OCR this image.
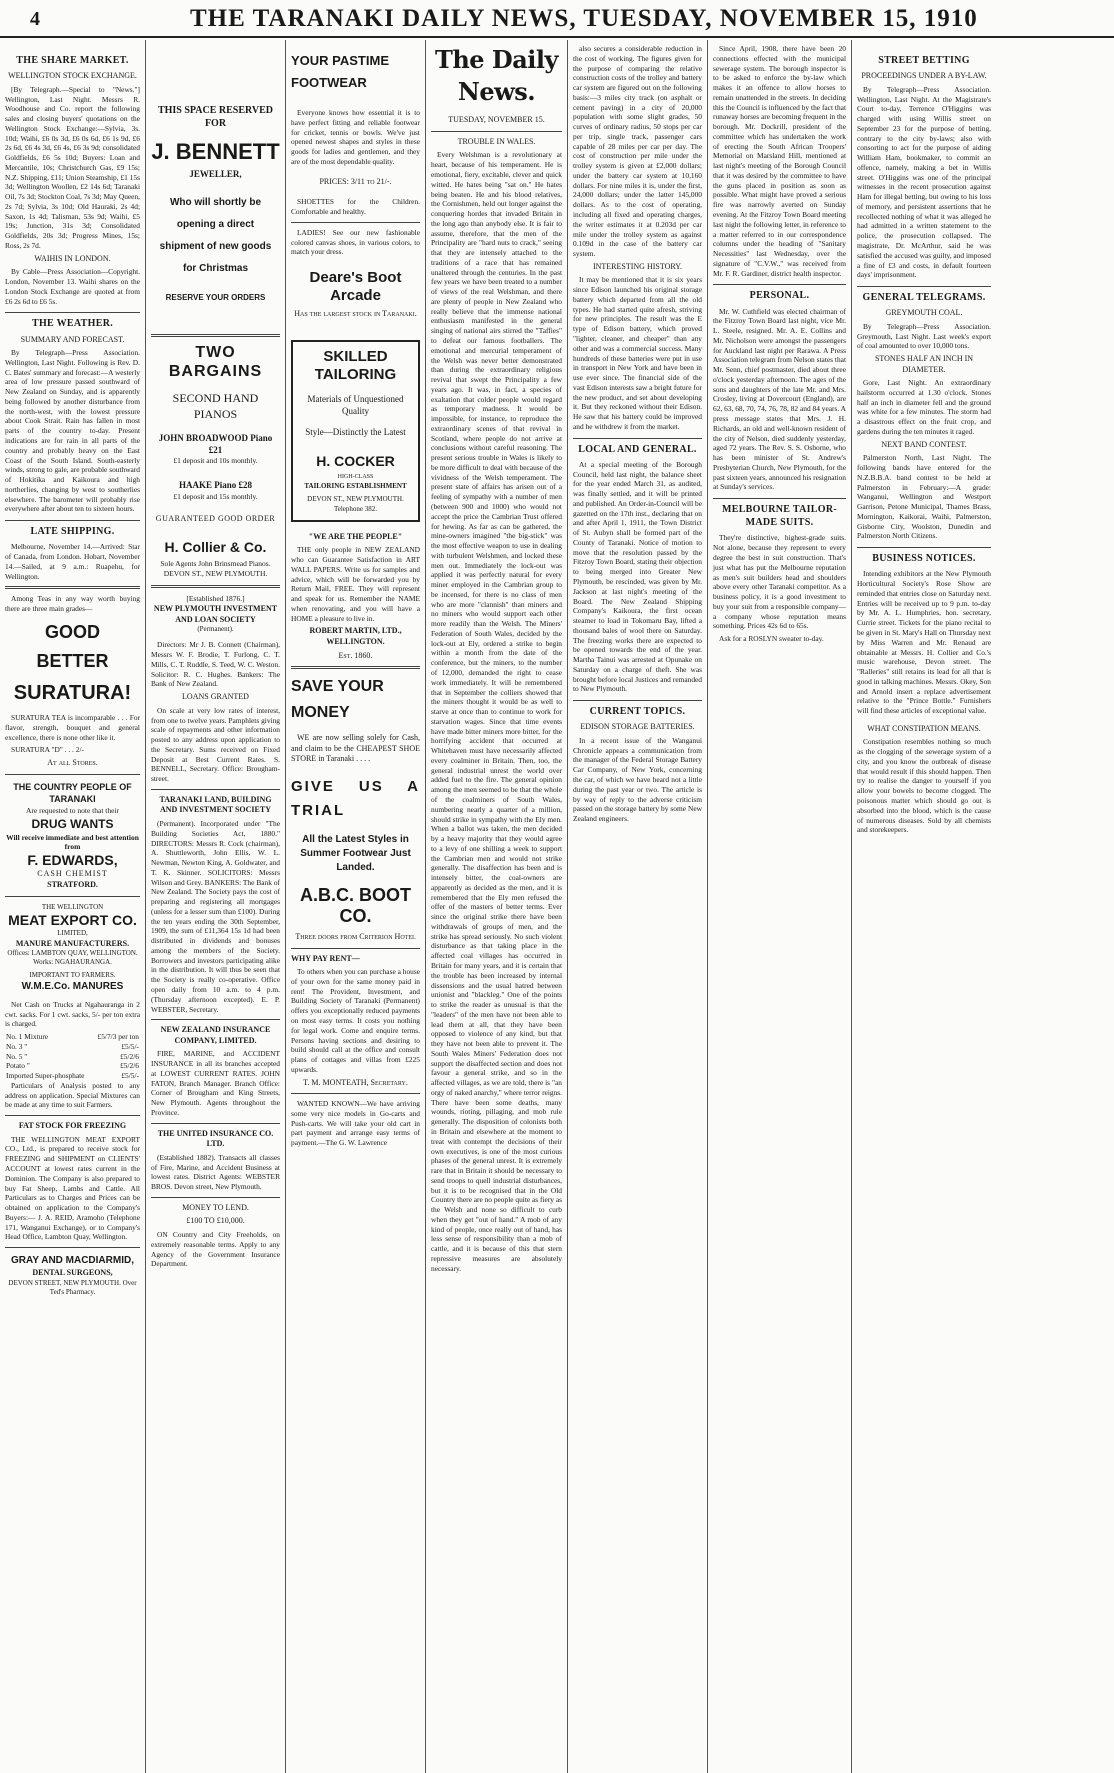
4	THE TARANAKI DAILY NEWS, TUESDAY, NOVEMBER 15, 1910
THE SHARE MARKET.
WELLINGTON STOCK EXCHANGE.

[By Telegraph.—Special to "News."] Wellington, Last Night. Messrs R. Woodhouse and Co. report the following sales and closing buyers' quotations on the Wellington Stock Exchange:—Sylvia, 3s. 10d; Waihi, £6 0s 3d, £6 0s 6d, £6 1s 9d, £6 2s 6d, £6 4s 3d, £6 4s, £6 3s 9d; consolidated Goldfields, £6 5s 10d; Buyers: Loan and Mercantile, 10s; Christchurch Gas, £9 15s; N.Z. Shipping, £11; Union Steamship, £1 15s 3d; Wellington Woollen, £2 14s 6d; Taranaki Oil, 7s 3d; Stockton Coal, 7s 3d; May Queen, 2s 7d; Sylvia, 3s 10d; Old Hauraki, 2s 4d; Saxon, 1s 4d; Talisman, 53s 9d; Waihi, £5 19s; Junction, 31s 3d; Consolidated Goldfields, 20s 3d; Progress Mines, 15s; Ross, 2s 7d.

WAIHIS IN LONDON.

By Cable—Press Association—Copyright. London, November 13. Waihi shares on the London Stock Exchange are quoted at from £6 2s 6d to £6 5s.

THE WEATHER.
SUMMARY AND FORECAST.

By Telegraph—Press Association. Wellington, Last Night. Following is Rev. D. C. Bates' summary and forecast:—A westerly area of low pressure passed southward of New Zealand on Sunday, and is apparently being followed by another disturbance from the north-west, with the lowest pressure about Cook Strait. Rain has fallen in most parts of the country to-day. Present indications are for rain in all parts of the country and probably heavy on the East Coast of the South Island. South-easterly winds, strong to gale, are probable southward of Hokitika and Kaikoura and high northerlies, changing by west to southerlies elsewhere. The barometer will probably rise everywhere after about ten to sixteen hours.

LATE SHIPPING.

Melbourne, November 14.—Arrived: Star of Canada, from London. Hobart, November 14.—Sailed, at 9 a.m.: Ruapehu, for Wellington.

Among Teas in any way worth buying there are three main grades—

GOOD
BETTER
SURATURA!

SURATURA TEA is incomparable . . . For flavor, strength, bouquet and general excellence, there is none other like it.

SURATURA "D" . . . 2/-

At all Stores.
THE COUNTRY PEOPLE OF TARANAKI
Are requested to note that their
DRUG WANTS
Will receive immediate and best attention from
F. EDWARDS,
CASH CHEMIST
STRATFORD.
THE WELLINGTON
MEAT EXPORT CO.
LIMITED,
MANURE MANUFACTURERS.
Offices: LAMBTON QUAY, WELLINGTON. Works: NGAHAURANGA.
IMPORTANT TO FARMERS.
W.M.E.Co. MANURES

Net Cash on Trucks at Ngahauranga in 2 cwt. sacks. For 1 cwt. sacks, 5/- per ton extra is charged.

No. 1 Mixture	£5/7/3 per ton
No. 3 "	£5/5/-
No. 5 "	£5/2/6
Potato "	£5/2/6
Imported Super-phosphate	£5/5/-

Particulars of Analysis posted to any address on application. Special Mixtures can be made at any time to suit Farmers.

FAT STOCK FOR FREEZING

THE WELLINGTON MEAT EXPORT CO., Ltd., is prepared to receive stock for FREEZING and SHIPMENT on CLIENTS' ACCOUNT at lowest rates current in the Dominion. The Company is also prepared to buy Fat Sheep, Lambs and Cattle. All Particulars as to Charges and Prices can be obtained on application to the Company's Buyers:— J. A. REID, Aramoho (Telephone 171, Wanganui Exchange), or to Company's Head Office, Lambton Quay, Wellington.

GRAY AND MACDIARMID,
DENTAL SURGEONS,
DEVON STREET, NEW PLYMOUTH. Over Ted's Pharmacy.
THIS SPACE RESERVED FOR
J. BENNETT
JEWELLER,
Who will shortly be opening a direct shipment of new goods for Christmas
RESERVE YOUR ORDERS
TWO BARGAINS
SECOND HAND PIANOS
JOHN BROADWOOD Piano £21
£1 deposit and 10s monthly.
HAAKE Piano £28
£1 deposit and 15s monthly.
GUARANTEED GOOD ORDER
H. Collier & Co.
Sole Agents John Brinsmead Pianos. DEVON ST., NEW PLYMOUTH.
[Established 1876.]
NEW PLYMOUTH INVESTMENT AND LOAN SOCIETY
(Permanent).

Directors: Mr J. B. Connett (Chairman), Messrs W. F. Brodie, T. Furlong, C. T. Mills, C. T. Ruddle, S. Teed, W. C. Weston. Solicitor: R. C. Hughes. Bankers: The Bank of New Zealand.

LOANS GRANTED

On scale at very low rates of interest, from one to twelve years. Pamphlets giving scale of repayments and other information posted to any address upon application to the Secretary. Sums received on Fixed Deposit at Best Current Rates. S. BENNELL, Secretary. Office: Brougham-street.

TARANAKI LAND, BUILDING AND INVESTMENT SOCIETY

(Permanent). Incorporated under "The Building Societies Act, 1880." DIRECTORS: Messrs R. Cock (chairman), A. Shuttleworth, John Ellis, W. L. Newman, Newton King, A. Goldwater, and T. K. Skinner. SOLICITORS: Messrs Wilson and Grey. BANKERS: The Bank of New Zealand. The Society pays the cost of preparing and registering all mortgages (unless for a lesser sum than £100). During the ten years ending the 30th September, 1909, the sum of £11,364 15s 1d had been distributed in dividends and bonuses among the members of the Society. Borrowers and investors participating alike in the distribution. It will thus be seen that the Society is really co-operative. Office open daily from 10 a.m. to 4 p.m. (Thursday afternoon excepted). E. P. WEBSTER, Secretary.

NEW ZEALAND INSURANCE COMPANY, LIMITED.

FIRE, MARINE, and ACCIDENT INSURANCE in all its branches accepted at LOWEST CURRENT RATES. JOHN FATON, Branch Manager. Branch Office: Corner of Brougham and King Streets, New Plymouth. Agents throughout the Province.

THE UNITED INSURANCE CO. LTD.

(Established 1882). Transacts all classes of Fire, Marine, and Accident Business at lowest rates. District Agents: WEBSTER BROS. Devon street, New Plymouth.

MONEY TO LEND.
£100 TO £10,000.

ON Country and City Freeholds, on extremely reasonable terms. Apply to any Agency of the Government Insurance Department.

YOUR PASTIME FOOTWEAR

Everyone knows how essential it is to have perfect fitting and reliable footwear for cricket, tennis or bowls. We've just opened newest shapes and styles in these goods for ladies and gentlemen, and they are of the most dependable quality.

PRICES: 3/11 to 21/-.

SHOETTES for the Children. Comfortable and healthy.

LADIES! See our new fashionable colored canvas shoes, in various colors, to match your dress.

Deare's Boot Arcade
Has the largest stock in Taranaki.
SKILLED TAILORING
Materials of Unquestioned Quality
Style—Distinctly the Latest
H. COCKER
HIGH-CLASS
TAILORING ESTABLISHMENT
DEVON ST., NEW PLYMOUTH.
Telephone 382.
"WE ARE THE PEOPLE"

THE only people in NEW ZEALAND who can Guarantee Satisfaction in ART WALL PAPERS. Write us for samples and advice, which will be forwarded you by Return Mail, FREE. They will represent and speak for us. Remember the NAME when renovating, and you will have a HOME a pleasure to live in.

ROBERT MARTIN, LTD., WELLINGTON.
Est. 1860.
SAVE YOUR MONEY

WE are now selling solely for Cash, and claim to be the CHEAPEST SHOE STORE in Taranaki . . . .

GIVE US A TRIAL
All the Latest Styles in Summer Footwear Just Landed.
A.B.C. BOOT CO.
Three doors from Criterion Hotel
WHY PAY RENT—

To others when you can purchase a house of your own for the same money paid in rent! The Provident, Investment, and Building Society of Taranaki (Permanent) offers you exceptionally reduced payments on most easy terms. It costs you nothing for legal work. Come and enquire terms. Persons having sections and desiring to build should call at the office and consult plans of cottages and villas from £225 upwards.

T. M. MONTEATH, Secretary.

WANTED KNOWN—We have arriving some very nice models in Go-carts and Push-carts. We will take your old cart in part payment and arrange easy terms of payment.—The G. W. Lawrence

The Daily News.
TUESDAY, NOVEMBER 15.
TROUBLE IN WALES.

Every Welshman is a revolutionary at heart, because of his temperament. He is emotional, fiery, excitable, clever and quick witted. He hates being "sat on." He hates being beaten. He and his blood relatives, the Cornishmen, held out longer against the conquering hordes that invaded Britain in the long ago than anybody else. It is fair to assume, therefore, that the men of the Principality are "hard nuts to crack," seeing that they are intensely attached to the traditions of a race that has remained unaltered through the centuries. In the past few years we have been treated to a number of views of the real Welshman, and there are plenty of people in New Zealand who really believe that the immense national enthusiasm manifested in the general singing of national airs stirred the "Taffies" to defeat our famous footballers. The emotional and mercurial temperament of the Welsh was never better demonstrated than during the extraordinary religious revival that swept the Principality a few years ago. It was, in fact, a species of exaltation that colder people would regard as temporary madness. It would be impossible, for instance, to reproduce the extraordinary scenes of that revival in Scotland, where people do not arrive at conclusions without careful reasoning. The present serious trouble in Wales is likely to be more difficult to deal with because of the vividness of the Welsh temperament. The present state of affairs has arisen out of a feeling of sympathy with a number of men (between 900 and 1000) who would not accept the price the Cambrian Trust offered for hewing. As far as can be gathered, the mine-owners imagined "the big-stick" was the most effective weapon to use in dealing with turbulent Welshmen, and locked these men out. Immediately the lock-out was applied it was perfectly natural for every miner employed in the Cambrian group to be incensed, for there is no class of men who are more "clannish" than miners and no miners who would support each other more readily than the Welsh. The Miners' Federation of South Wales, decided by the lock-out at Ely, ordered a strike to begin within a month from the date of the conference, but the miners, to the number of 12,000, demanded the right to cease work immediately. It will be remembered that in September the colliers showed that the miners thought it would be as well to starve at once than to continue to work for starvation wages. Since that time events have made bitter miners more bitter, for the horrifying accident that occurred at Whitehaven must have necessarily affected every coalminer in Britain. Then, too, the general industrial unrest the world over added fuel to the fire. The general opinion among the men seemed to be that the whole of the coalminers of South Wales, numbering nearly a quarter of a million, should strike in sympathy with the Ely men. When a ballot was taken, the men decided by a heavy majority that they would agree to a levy of one shilling a week to support the Cambrian men and would not strike generally. The disaffection has been and is intensely bitter, the coal-owners are apparently as decided as the men, and it is remembered that the Ely men refused the offer of the masters of better terms. Ever since the original strike there have been withdrawals of groups of men, and the strike has spread seriously. No such violent disturbance as that taking place in the affected coal villages has occurred in Britain for many years, and it is certain that the trouble has been increased by internal dissensions and the usual hatred between unionist and "blackleg." One of the points to strike the reader as unusual is that the "leaders" of the men have not been able to lead them at all, that they have been opposed to violence of any kind, but that they have not been able to prevent it. The South Wales Miners' Federation does not support the disaffected section and does not favour a general strike, and so in the affected villages, as we are told, there is "an orgy of naked anarchy," where terror reigns. There have been some deaths, many wounds, rioting, pillaging, and mob rule generally. The disposition of colonists both in Britain and elsewhere at the moment to treat with contempt the decisions of their own executives, is one of the most curious phases of the general unrest. It is extremely rare that in Britain it should be necessary to send troops to quell industrial disturbances, but it is to be recognised that in the Old Country there are no people quite as fiery as the Welsh and none so difficult to curb when they get "out of hand." A mob of any kind of people, once really out of hand, has less sense of responsibility than a mob of cattle, and it is because of this that stern repressive measures are absolutely necessary.

also secures a considerable reduction in the cost of working. The figures given for the purpose of comparing the relative construction costs of the trolley and battery car system are figured out on the following basis:—3 miles city track (on asphalt or cement paving) in a city of 20,000 population with some slight grades, 50 curves of ordinary radius, 50 stops per car per trip, single track, passenger cars capable of 28 miles per car per day. The cost of construction per mile under the trolley system is given at £2,000 dollars; under the battery car system at 10,160 dollars. For nine miles it is, under the first, 24,000 dollars; under the latter 145,000 dollars. As to the cost of operating, including all fixed and operating charges, the writer estimates it at 0.203d per car mile under the trolley system as against 0.109d in the case of the battery car system.

INTERESTING HISTORY.

It may be mentioned that it is six years since Edison launched his original storage battery which departed from all the old types. He had started quite afresh, striving for new principles. The result was the E type of Edison battery, which proved "lighter, cleaner, and cheaper" than any other and was a commercial success. Many hundreds of these batteries were put in use in transport in New York and have been in use ever since. The financial side of the vast Edison interests saw a bright future for the new product, and set about developing it. But they reckoned without their Edison. He saw that his battery could be improved and he withdrew it from the market.

LOCAL AND GENERAL.

At a special meeting of the Borough Council, held last night, the balance sheet for the year ended March 31, as audited, was finally settled, and it will be printed and published. An Order-in-Council will be gazetted on the 17th inst., declaring that on and after April 1, 1911, the Town District of St. Aubyn shall be formed part of the County of Taranaki. Notice of motion to move that the resolution passed by the Fitzroy Town Board, stating their objection to being merged into Greater New Plymouth, be rescinded, was given by Mr. Jackson at last night's meeting of the Board. The New Zealand Shipping Company's Kaikoura, the first ocean steamer to load in Tokomaru Bay, lifted a thousand bales of wool there on Saturday. The freezing works there are expected to be opened towards the end of the year. Martha Tainui was arrested at Opunake on Saturday on a charge of theft. She was brought before local Justices and remanded to New Plymouth.

CURRENT TOPICS.
EDISON STORAGE BATTERIES.

In a recent issue of the Wanganui Chronicle appears a communication from the manager of the Federal Storage Battery Car Company, of New York, concerning the car, of which we have heard not a little during the past year or two. The article is by way of reply to the adverse criticism passed on the storage battery by some New Zealand engineers.

Since April, 1908, there have been 20 connections effected with the municipal sewerage system. The borough inspector is to be asked to enforce the by-law which makes it an offence to allow horses to remain unattended in the streets. In deciding this the Council is influenced by the fact that runaway horses are becoming frequent in the borough. Mr. Dockrill, president of the committee which has undertaken the work of erecting the South African Troopers' Memorial on Marsland Hill, mentioned at last night's meeting of the Borough Council that it was desired by the committee to have the guns placed in position as soon as possible. What might have proved a serious fire was narrowly averted on Sunday evening. At the Fitzroy Town Board meeting last night the following letter, in reference to a matter referred to in our correspondence columns under the heading of "Sanitary Necessities" last Wednesday, over the signature of "C.V.W.," was received from Mr. F. R. Gardiner, district health inspector.

PERSONAL.

Mr. W. Cuthfield was elected chairman of the Fitzroy Town Board last night, vice Mr. L. Steele, resigned. Mr. A. E. Collins and Mr. Nicholson were amongst the passengers for Auckland last night per Rarawa. A Press Association telegram from Nelson states that Mr. Senn, chief postmaster, died about three o'clock yesterday afternoon. The ages of the sons and daughters of the late Mr. and Mrs. Crosley, living at Dovercourt (England), are 62, 63, 68, 70, 74, 76, 78, 82 and 84 years. A press message states that Mrs. J. H. Richards, an old and well-known resident of the city of Nelson, died suddenly yesterday, aged 72 years. The Rev. S. S. Osborne, who has been minister of St. Andrew's Presbyterian Church, New Plymouth, for the past sixteen years, announced his resignation at Sunday's services.

MELBOURNE TAILOR-MADE SUITS.

They're distinctive, highest-grade suits. Not alone, because they represent to every degree the best in suit construction. That's just what has put the Melbourne reputation as men's suit builders head and shoulders above every other Taranaki competitor. As a business policy, it is a good investment to buy your suit from a responsible company—a company whose reputation means something. Prices 42s 6d to 65s.

Ask for a ROSLYN sweater to-day.

STREET BETTING
PROCEEDINGS UNDER A BY-LAW.

By Telegraph—Press Association. Wellington, Last Night. At the Magistrate's Court to-day, Terrence O'Higgins was charged with using Willis street on September 23 for the purpose of betting, contrary to the city by-laws; also with consorting to act for the purpose of aiding William Ham, bookmaker, to commit an offence, namely, making a bet in Willis street. O'Higgins was one of the principal witnesses in the recent prosecution against Ham for illegal betting, but owing to his loss of memory, and persistent assertions that he recollected nothing of what it was alleged he had admitted in a written statement to the police, the prosecution collapsed. The magistrate, Dr. McArthur, said he was satisfied the accused was guilty, and imposed a fine of £3 and costs, in default fourteen days' imprisonment.

GENERAL TELEGRAMS.
GREYMOUTH COAL.

By Telegraph—Press Association. Greymouth, Last Night. Last week's export of coal amounted to over 10,000 tons.

STONES HALF AN INCH IN DIAMETER.

Gore, Last Night. An extraordinary hailstorm occurred at 1.30 o'clock. Stones half an inch in diameter fell and the ground was white for a few minutes. The storm had a disastrous effect on the fruit crop, and gardens during the ten minutes it raged.

NEXT BAND CONTEST.

Palmerston North, Last Night. The following bands have entered for the N.Z.B.B.A. band contest to be held at Palmerston in February:—A grade: Wanganui, Wellington and Westport Garrison, Petone Municipal, Thames Brass, Mornington, Kaikorai, Waihi, Palmerston, Gisborne City, Woolston, Dunedin and Palmerston North Citizens.

BUSINESS NOTICES.

Intending exhibitors at the New Plymouth Horticultural Society's Rose Show are reminded that entries close on Saturday next. Entries will be received up to 9 p.m. to-day by Mr. A. L. Humphries, hon. secretary, Currie street. Tickets for the piano recital to be given in St. Mary's Hall on Thursday next by Miss Warren and Mr. Renaud are obtainable at Messrs. H. Collier and Co.'s music warehouse, Devon street. The "Ralleries" still retains its lead for all that is good in talking machines. Messrs. Okey, Son and Arnold insert a replace advertisement relative to the "Prince Bottle." Furnishers will find these articles of exceptional value.

WHAT CONSTIPATION MEANS.

Constipation resembles nothing so much as the clogging of the sewerage system of a city, and you know the outbreak of disease that would result if this should happen. Then try to realise the danger to yourself if you allow your bowels to become clogged. The poisonous matter which should go out is absorbed into the blood, which is the cause of numerous diseases. Sold by all chemists and storekeepers.
